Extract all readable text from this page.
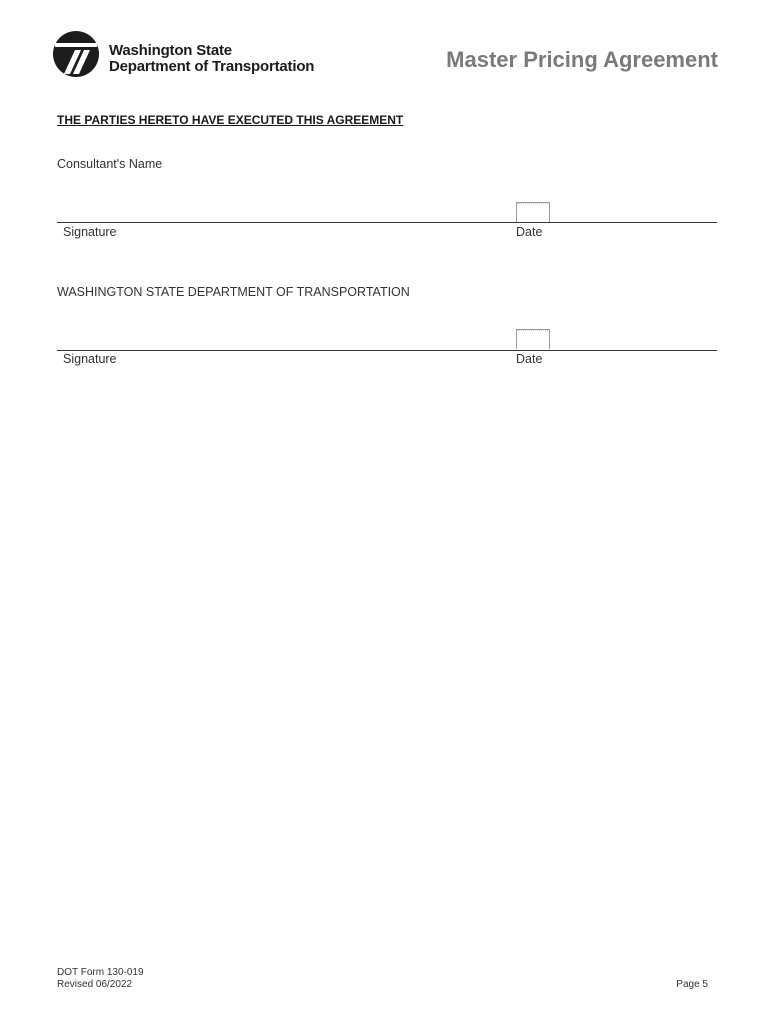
Washington State
Department of Transportation	Master Pricing Agreement
THE PARTIES HERETO HAVE EXECUTED THIS AGREEMENT
Consultant's Name
Signature	Date
WASHINGTON STATE DEPARTMENT OF TRANSPORTATION
Signature	Date
DOT Form 130-019
Revised 06/2022	Page 5
